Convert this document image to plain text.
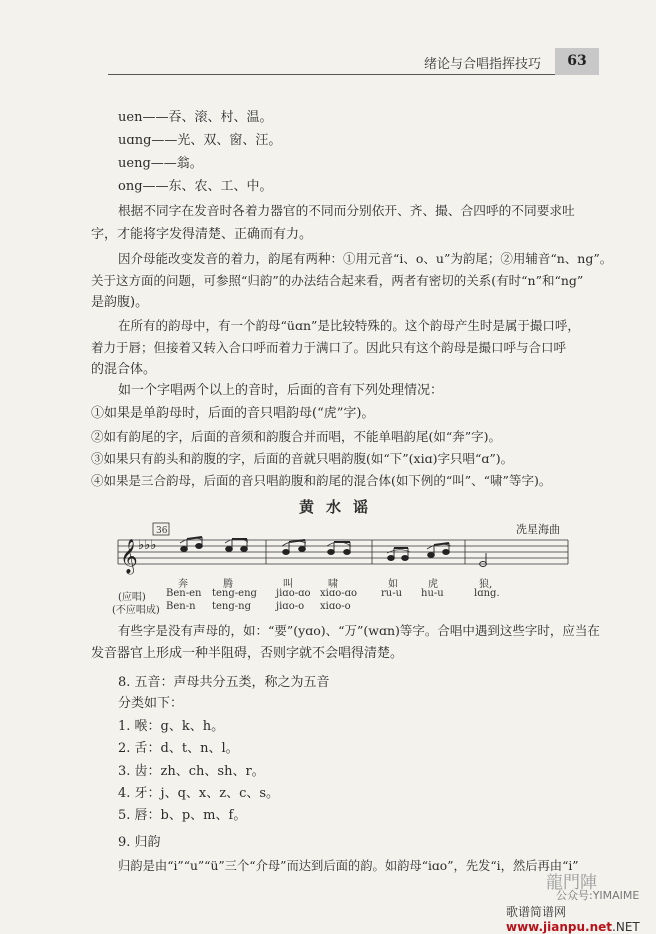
绪论与合唱指挥技巧	63
uen——吞、滚、村、温。
uɑng——光、双、窗、汪。
ueng——翁。
ong——东、农、工、中。
根据不同字在发音时各着力器官的不同而分别依开、齐、撮、合四呼的不同要求吐
字，才能将字发得清楚、正确而有力。
因介母能改变发音的着力，韵尾有两种：①用元音“i、o、u”为韵尾；②用辅音“n、ng”。
关于这方面的问题，可参照“归韵”的办法结合起来看，两者有密切的关系(有时“n”和“ng”
是韵腹)。
在所有的韵母中，有一个韵母“üɑn”是比较特殊的。这个韵母产生时是属于撮口呼，
着力于唇；但接着又转入合口呼而着力于满口了。因此只有这个韵母是撮口呼与合口呼
的混合体。
如一个字唱两个以上的音时，后面的音有下列处理情况：
①如果是单韵母时，后面的音只唱韵母(“虎”字)。
②如有韵尾的字，后面的音须和韵腹合并而唱，不能单唱韵尾(如“奔”字)。
③如果只有韵头和韵腹的字，后面的音就只唱韵腹(如“下”(xiɑ)字只唱“ɑ”)。
④如果是三合韵母，后面的音只唱韵腹和韵尾的混合体(如下例的“叫”、“啸”等字)。
黄水谣
冼星海曲
36
𝄞 ♭♭♭
奔	腾	叫	啸	如	虎	狼,
(应唱) Ben-en teng-eng jiɑo-ɑo xiɑo-ɑo ru-u hu-u	lɑng.
(不应唱成) Ben-n teng-ng	jiɑo-o xiɑo-o
有些字是没有声母的，如：“要”(yɑo)、“万”(wɑn)等字。合唱中遇到这些字时，应当在
发音器官上形成一种半阻碍，否则字就不会唱得清楚。
8. 五音：声母共分五类，称之为五音
分类如下：
1. 喉：g、k、h。
2. 舌：d、t、n、l。
3. 齿：zh、ch、sh、r。
4. 牙：j、q、x、z、c、s。
5. 唇：b、p、m、f。
9. 归韵
归韵是由“i”“u”“ü”三个“介母”而达到后面的韵。如韵母“iɑo”，先发“i，然后再由“i”
龍門陣
公众号:YIMAIME
歌谱简谱网www.jianpu.net.NET
